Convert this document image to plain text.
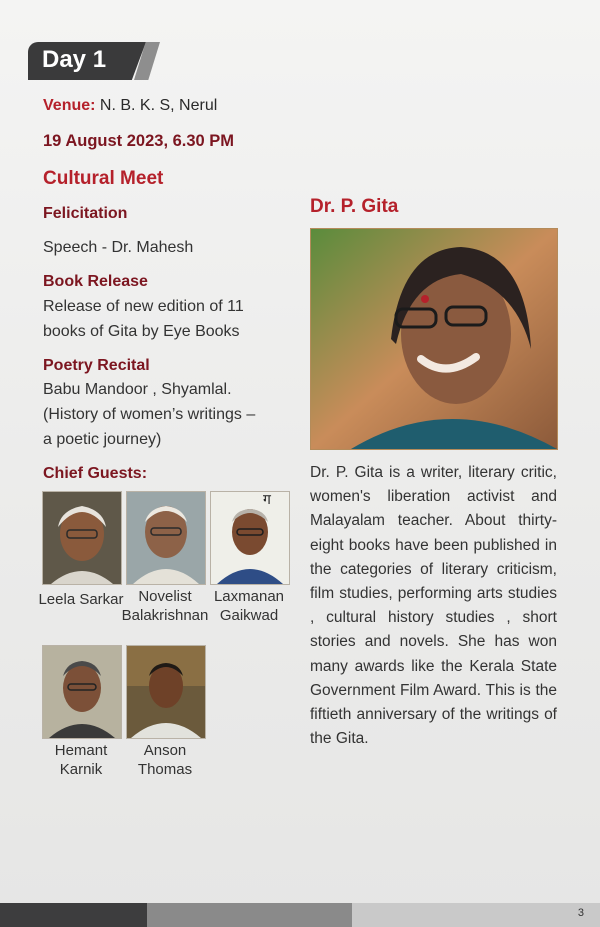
Day 1
Venue: N. B. K. S, Nerul
19 August 2023, 6.30 PM
Cultural Meet
Felicitation
Speech - Dr. Mahesh
Book Release
Release of new edition of 11
books of Gita by Eye Books
Poetry Recital
Babu Mandoor , Shyamlal.
(History of women’s writings –
a poetic journey)
Chief Guests:
ग
Leela Sarkar Novelist
Balakrishnan
Laxmanan
Gaikwad
Hemant
Karnik
Anson
Thomas
Dr. P. Gita
Dr. P. Gita is a writer, literary critic, women's liberation activist and Malayalam teacher. About thirty-eight books have been published in the categories of literary criticism, film studies, performing arts studies , cultural history studies , short stories and novels. She has won many awards like the Kerala State Government Film Award. This is the fiftieth anniversary of the writings of the Gita.
3
